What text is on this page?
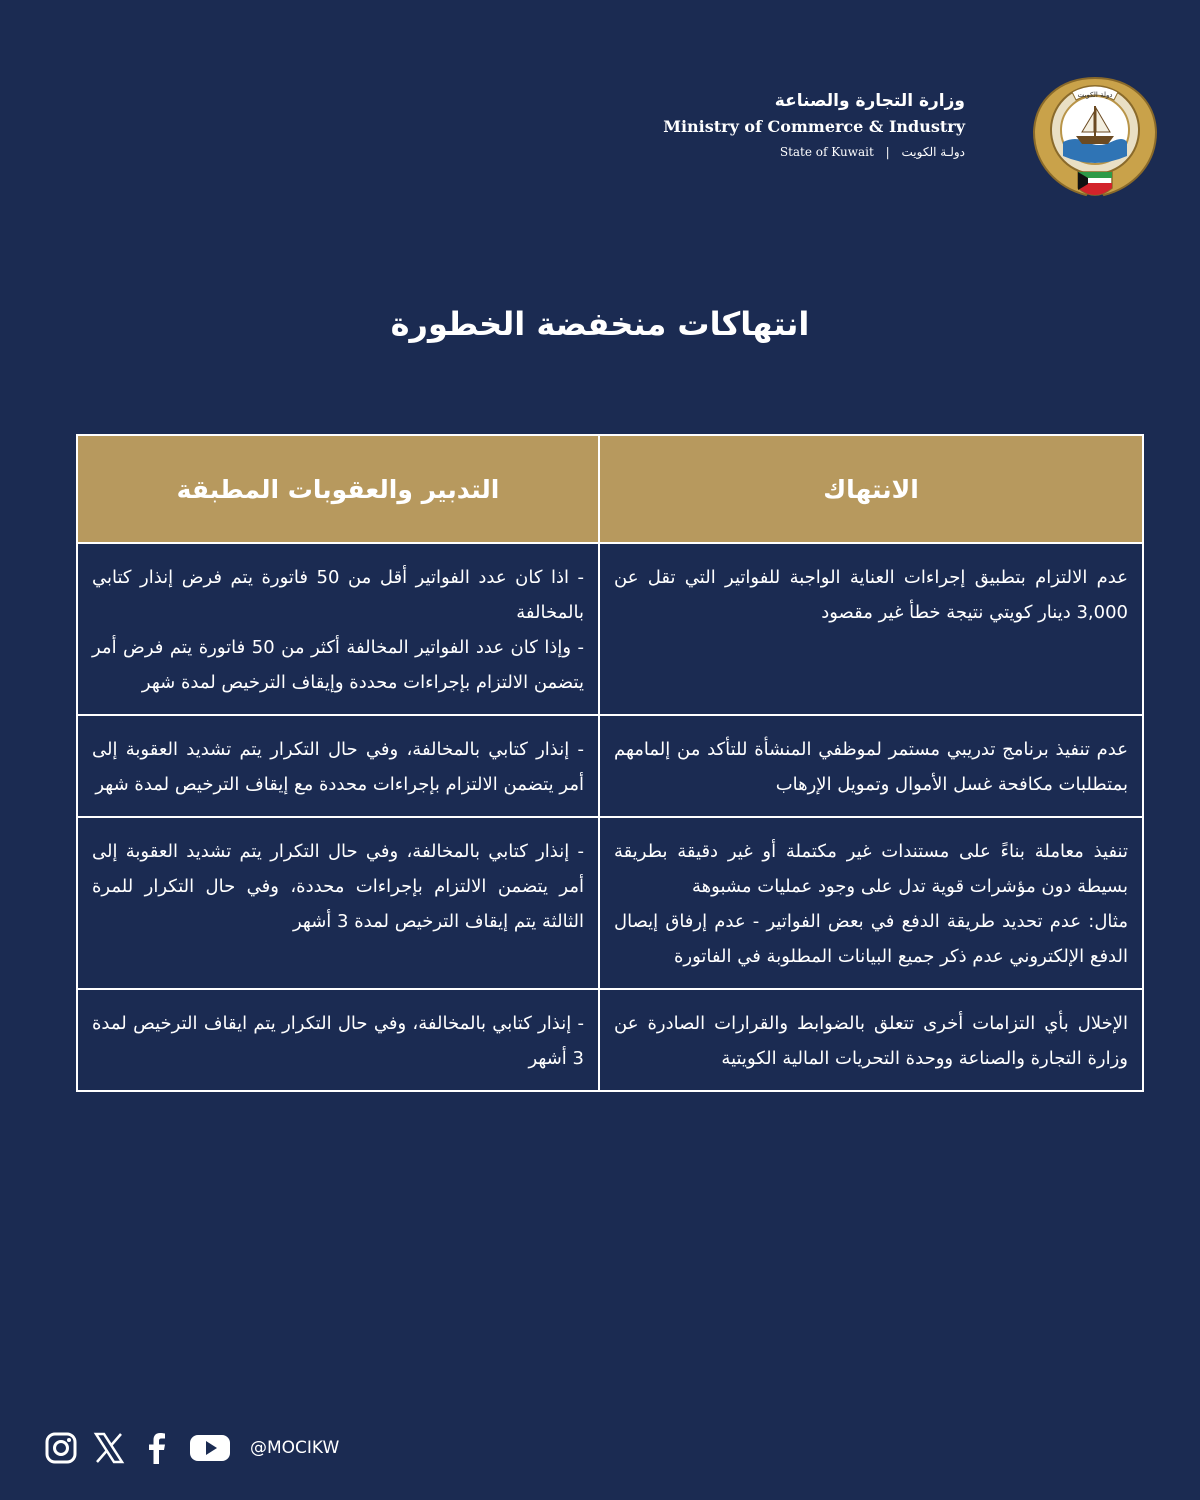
وزارة التجارة والصناعة
Ministry of Commerce & Industry
State of Kuwait | دولـة الكويت
دولة الكويت
انتهاكات منخفضة الخطورة
الانتهاك	التدبير والعقوبات المطبقة

عدم الالتزام بتطبيق إجراءات العناية الواجبة للفواتير التي تقل عن 3,000 دينار كويتي نتيجة خطأ غير مقصود	- اذا كان عدد الفواتير أقل من 50 فاتورة يتم فرض إنذار كتابي بالمخالفة

- وإذا كان عدد الفواتير المخالفة أكثر من 50 فاتورة يتم فرض أمر يتضمن الالتزام بإجراءات محددة وإيقاف الترخيص لمدة شهر

عدم تنفيذ برنامج تدريبي مستمر لموظفي المنشأة للتأكد من إلمامهم بمتطلبات مكافحة غسل الأموال وتمويل الإرهاب	- إنذار كتابي بالمخالفة، وفي حال التكرار يتم تشديد العقوبة إلى أمر يتضمن الالتزام بإجراءات محددة مع إيقاف الترخيص لمدة شهر

تنفيذ معاملة بناءً على مستندات غير مكتملة أو غير دقيقة بطريقة بسيطة دون مؤشرات قوية تدل على وجود عمليات مشبوهة

مثال: عدم تحديد طريقة الدفع في بعض الفواتير - عدم إرفاق إيصال الدفع الإلكتروني عدم ذكر جميع البيانات المطلوبة في الفاتورة	- إنذار كتابي بالمخالفة، وفي حال التكرار يتم تشديد العقوبة إلى أمر يتضمن الالتزام بإجراءات محددة، وفي حال التكرار للمرة الثالثة يتم إيقاف الترخيص لمدة 3 أشهر

الإخلال بأي التزامات أخرى تتعلق بالضوابط والقرارات الصادرة عن وزارة التجارة والصناعة ووحدة التحريات المالية الكويتية	- إنذار كتابي بالمخالفة، وفي حال التكرار يتم ايقاف الترخيص لمدة 3 أشهر

@MOCIKW
